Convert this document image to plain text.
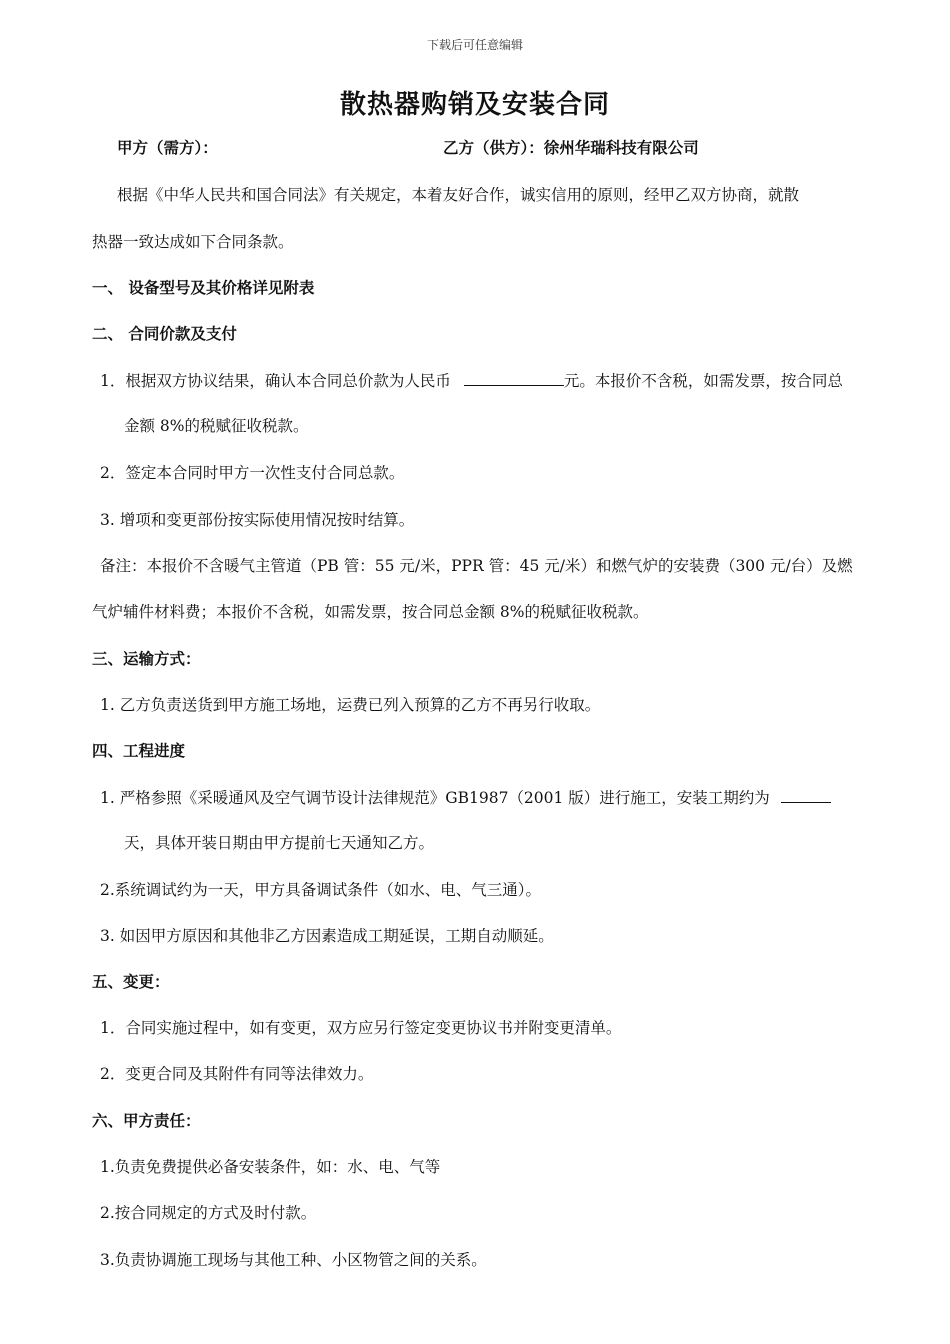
下载后可任意编辑
散热器购销及安装合同
甲方（需方）：	乙方（供方）：徐州华瑞科技有限公司
根据《中华人民共和国合同法》有关规定，本着友好合作，诚实信用的原则，经甲乙双方协商，就散
热器一致达成如下合同条款。
一、 设备型号及其价格详见附表
二、 合同价款及支付
1．根据双方协议结果，确认本合同总价款为人民币	元。本报价不含税，如需发票，按合同总
金额 8%的税赋征收税款。
2．签定本合同时甲方一次性支付合同总款。
3. 增项和变更部份按实际使用情况按时结算。
备注：本报价不含暖气主管道（PB 管：55 元/米，PPR 管：45 元/米）和燃气炉的安装费（300 元/台）及燃
气炉辅件材料费；本报价不含税，如需发票，按合同总金额 8%的税赋征收税款。
三、运输方式：
1. 乙方负责送货到甲方施工场地，运费已列入预算的乙方不再另行收取。
四、工程进度
1. 严格参照《采暖通风及空气调节设计法律规范》GB1987（2001 版）进行施工，安装工期约为
天，具体开装日期由甲方提前七天通知乙方。
2.系统调试约为一天，甲方具备调试条件（如水、电、气三通）。
3. 如因甲方原因和其他非乙方因素造成工期延误，工期自动顺延。
五、变更：
1．合同实施过程中，如有变更，双方应另行签定变更协议书并附变更清单。
2．变更合同及其附件有同等法律效力。
六、甲方责任：
1.负责免费提供必备安装条件，如：水、电、气等
2.按合同规定的方式及时付款。
3.负责协调施工现场与其他工种、小区物管之间的关系。
